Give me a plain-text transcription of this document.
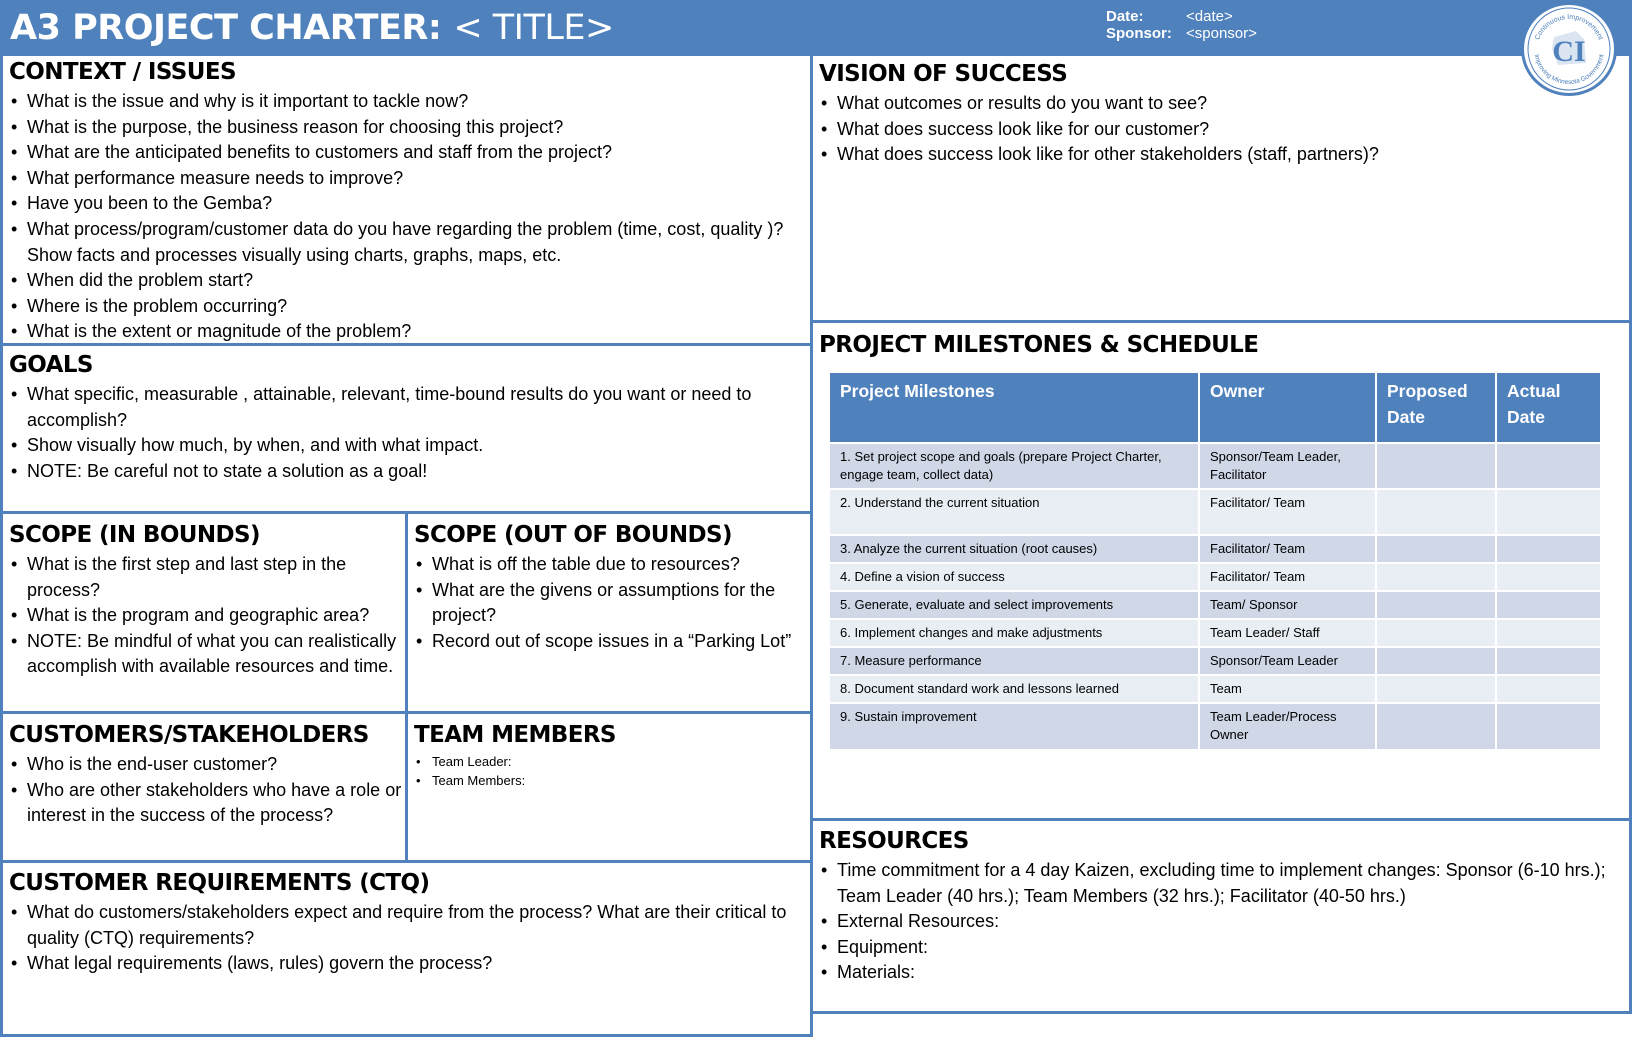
A3 PROJECT CHARTER: < TITLE>	Date:	<date>
Sponsor: <sponsor>
CONTEXT / ISSUES
• What is the issue and why is it important to tackle now?
• What is the purpose, the business reason for choosing this project?
• What are the anticipated benefits to customers and staff from the project?
• What performance measure needs to improve?
• Have you been to the Gemba?
• What process/program/customer data do you have regarding the problem (time, cost, quality )? Show facts and processes visually using charts, graphs, maps, etc.
• When did the problem start?
• Where is the problem occurring?
• What is the extent or magnitude of the problem?
GOALS
• What specific, measurable , attainable, relevant, time-bound results do you want or need to accomplish?
• Show visually how much, by when, and with what impact.
• NOTE: Be careful not to state a solution as a goal!
SCOPE (IN BOUNDS)
• What is the first step and last step in the process?
• What is the program and geographic area?
• NOTE: Be mindful of what you can realistically accomplish with available resources and time.
SCOPE (OUT OF BOUNDS)
• What is off the table due to resources?
• What are the givens or assumptions for the project?
• Record out of scope issues in a “Parking Lot”
CUSTOMERS/STAKEHOLDERS
• Who is the end-user customer?
• Who are other stakeholders who have a role or interest in the success of the process?
TEAM MEMBERS
• Team Leader:
• Team Members:
CUSTOMER REQUIREMENTS (CTQ)
• What do customers/stakeholders expect and require from the process? What are their critical to quality (CTQ) requirements?
• What legal requirements (laws, rules) govern the process?
VISION OF SUCCESS
• What outcomes or results do you want to see?
• What does success look like for our customer?
• What does success look like for other stakeholders (staff, partners)?
PROJECT MILESTONES & SCHEDULE
Project Milestones	Owner	Proposed Date	Actual Date
1. Set project scope and goals (prepare Project Charter, engage team, collect data)	Sponsor/Team Leader, Facilitator		
2. Understand the current situation	Facilitator/ Team		
3. Analyze the current situation (root causes)	Facilitator/ Team		
4. Define a vision of success	Facilitator/ Team		
5. Generate, evaluate and select improvements	Team/ Sponsor		
6. Implement changes and make adjustments	Team Leader/ Staff		
7. Measure performance	Sponsor/Team Leader		
8. Document standard work and lessons learned	Team		
9. Sustain improvement	Team Leader/Process Owner		
RESOURCES
• Time commitment for a 4 day Kaizen, excluding time to implement changes: Sponsor (6-10 hrs.); Team Leader (40 hrs.); Team Members (32 hrs.); Facilitator (40-50 hrs.)
• External Resources:
• Equipment:
• Materials:
Continuous Improvement
Improving Minnesota Government
CI
